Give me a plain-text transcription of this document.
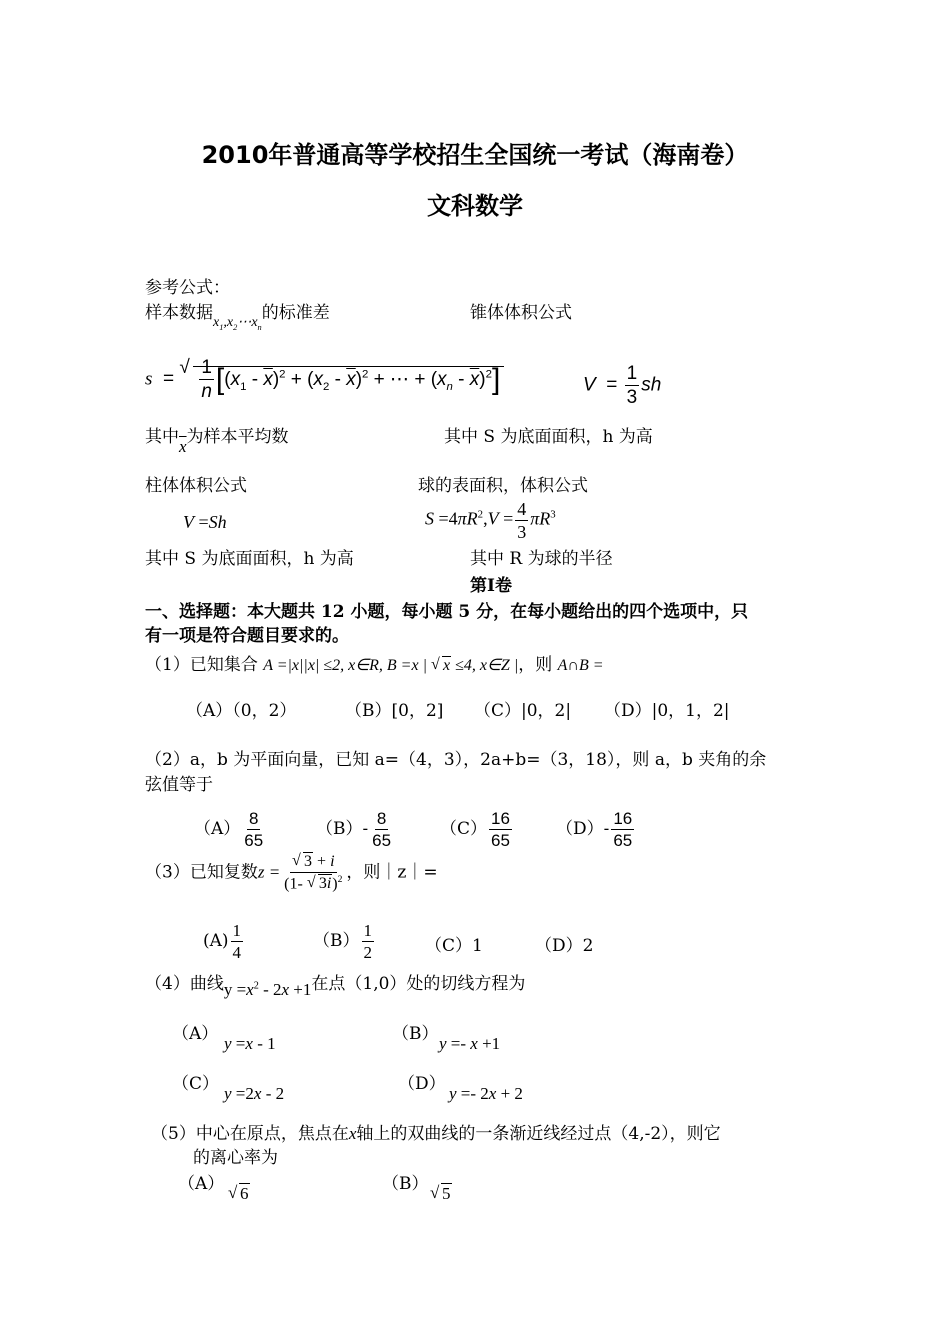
2010年普通高等学校招生全国统一考试（海南卷）
文科数学
参考公式：
样本数据$_{x_1,x_2\cdots x_n}$的标准差	锥体体积公式
s  = √ $\frac{1}{n} [(x_1 - \overline{x})^2 + (x_2 - \overline{x})^2$ + ⋯ + $(x_n - \overline{x})^2$]	$V = \frac{1}{3}$ sh
其中$\overline{x}$为样本平均数	其中 S 为底面面积，h 为高
柱体体积公式	球的表面积，体积公式
V =Sh	$S =4\pi R^2,V = \frac{4}{3} \pi R^3$
其中 S 为底面面积，h 为高	其中 R 为球的半径
第Ⅰ卷
一、选择题：本大题共 12 小题，每小题 5 分，在每小题给出的四个选项中，只
有一项是符合题目要求的。
（1）已知集合 A =|x||x| ≤2, x∈R, B =x | √ x ≤4, x∈Z |，则 A∩B =
（A）（0，2）	（B）[0，2] （C）|0，2| （D）|0，1，2|
（2）a，b 为平面向量，已知 a=（4，3），2a+b=（3，18），则 a，b 夹角的余
弦值等于
$(A) \frac{8}{65}$	$(B)- \frac{8}{65}$	$(C) \frac{16}{65}$	$(D)- \frac{16}{65}$
（3）已知复数z = √ $\frac{3 + i}{(1- √ 3i)^2}$ ，则｜z｜=
$(A) \frac{1}{4}$	$(B) \frac{1}{2}$	（C）1	（D）2
（4）曲线$y =x^2 - 2x +1$在点（1,0）处的切线方程为
（A） y =x - 1	（B） y =- x +1
（C） y =2x - 2	（D） y =- 2x + 2
（5）中心在原点，焦点在x轴上的双曲线的一条渐近线经过点（4,-2），则它
的离心率为
（A） √ 6	（B） √ 5
